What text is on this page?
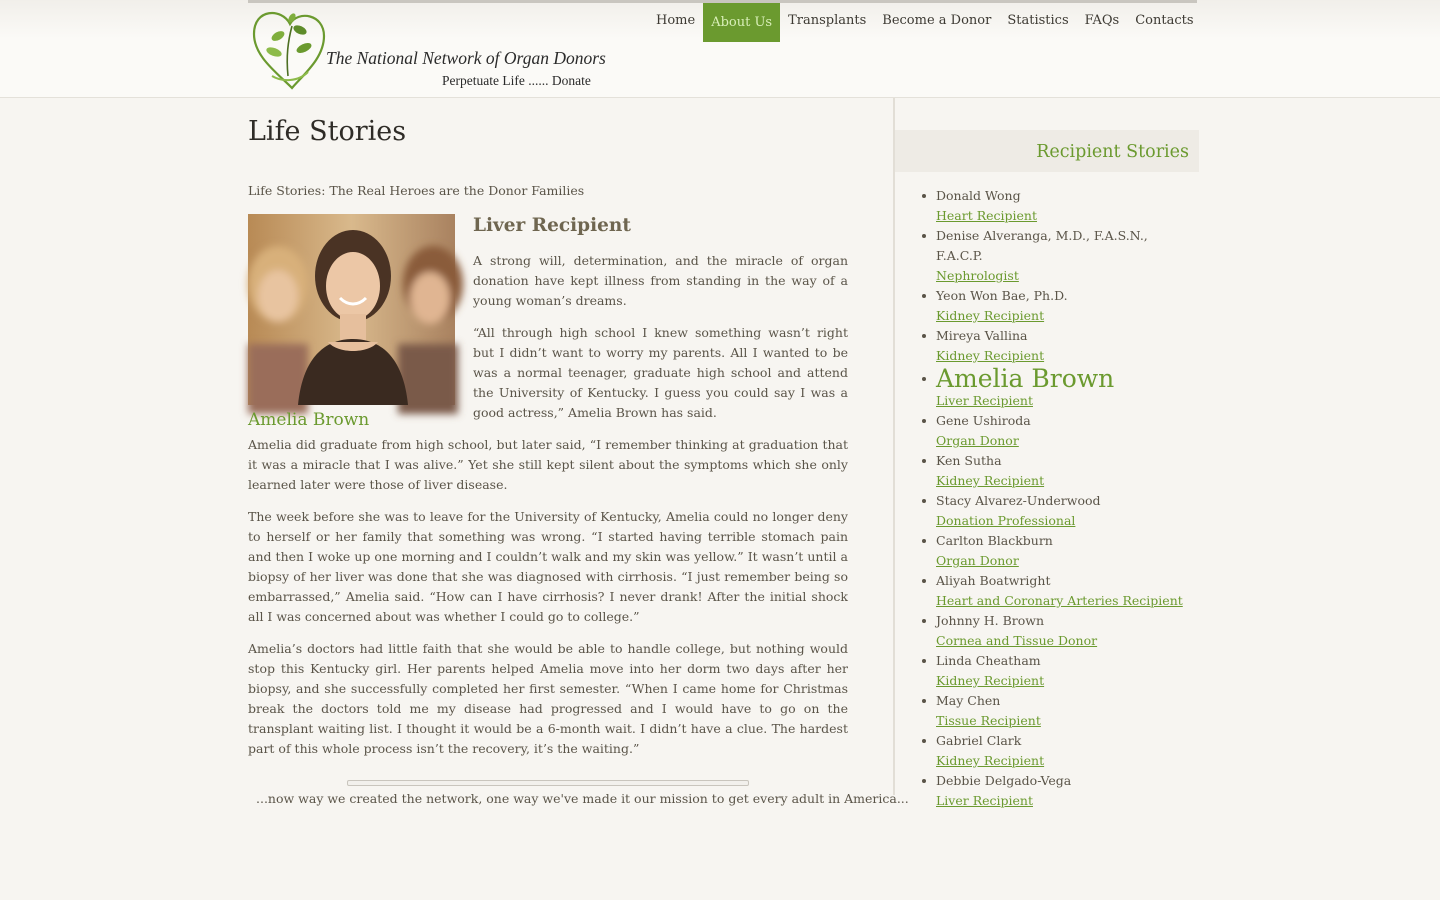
The National Network of Organ Donors
Perpetuate Life ...... Donate
Home	About Us	Transplants	Become a Donor	Statistics	FAQs	Contacts
Life Stories
Life Stories: The Real Heroes are the Donor Families
Amelia Brown
Liver Recipient

A strong will, determination, and the miracle of organ donation have kept illness from standing in the way of a young woman’s dreams.

“All through high school I knew something wasn’t right but I didn’t want to worry my parents. All I wanted to be was a normal teenager, graduate high school and attend the University of Kentucky. I guess you could say I was a good actress,” Amelia Brown has said.

Amelia did graduate from high school, but later said, “I remember thinking at graduation that it was a miracle that I was alive.” Yet she still kept silent about the symptoms which she only learned later were those of liver disease.

The week before she was to leave for the University of Kentucky, Amelia could no longer deny to herself or her family that something was wrong. “I started having terrible stomach pain and then I woke up one morning and I couldn’t walk and my skin was yellow.” It wasn’t until a biopsy of her liver was done that she was diagnosed with cirrhosis. “I just remember being so embarrassed,” Amelia said. “How can I have cirrhosis? I never drank! After the initial shock all I was concerned about was whether I could go to college.”

Amelia’s doctors had little faith that she would be able to handle college, but nothing would stop this Kentucky girl. Her parents helped Amelia move into her dorm two days after her biopsy, and she successfully completed her first semester. “When I came home for Christmas break the doctors told me my disease had progressed and I would have to go on the transplant waiting list. I thought it would be a 6-month wait. I didn’t have a clue. The hardest part of this whole process isn’t the recovery, it’s the waiting.”

...now way we created the network, one way we've made it our mission to get every adult in America...
Recipient Stories
Donald Wong
Heart Recipient
Denise Alveranga, M.D., F.A.S.N., F.A.C.P.
Nephrologist
Yeon Won Bae, Ph.D.
Kidney Recipient
Mireya Vallina
Kidney Recipient
Amelia Brown
Liver Recipient
Gene Ushiroda
Organ Donor
Ken Sutha
Kidney Recipient
Stacy Alvarez-Underwood
Donation Professional
Carlton Blackburn
Organ Donor
Aliyah Boatwright
Heart and Coronary Arteries Recipient
Johnny H. Brown
Cornea and Tissue Donor
Linda Cheatham
Kidney Recipient
May Chen
Tissue Recipient
Gabriel Clark
Kidney Recipient
Debbie Delgado-Vega
Liver Recipient
